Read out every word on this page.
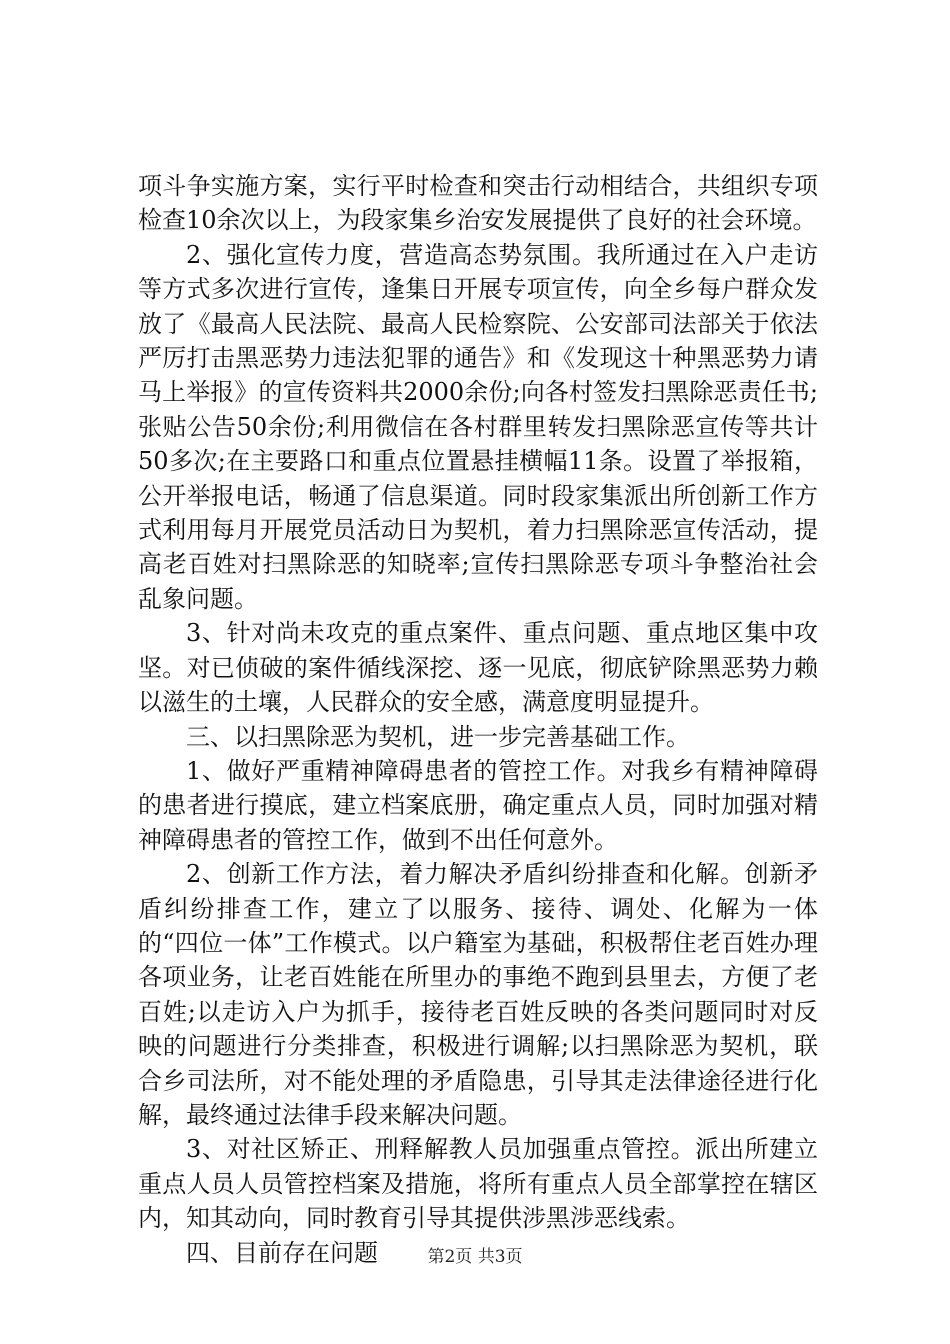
项斗争实施方案，实行平时检查和突击行动相结合，共组织专项检查10余次以上，为段家集乡治安发展提供了良好的社会环境。

2、强化宣传力度，营造高态势氛围。我所通过在入户走访等方式多次进行宣传，逢集日开展专项宣传，向全乡每户群众发放了《最高人民法院、最高人民检察院、公安部司法部关于依法严厉打击黑恶势力违法犯罪的通告》和《发现这十种黑恶势力请马上举报》的宣传资料共2000余份;向各村签发扫黑除恶责任书;张贴公告50余份;利用微信在各村群里转发扫黑除恶宣传等共计50多次;在主要路口和重点位置悬挂横幅11条。设置了举报箱，公开举报电话，畅通了信息渠道。同时段家集派出所创新工作方式利用每月开展党员活动日为契机，着力扫黑除恶宣传活动，提高老百姓对扫黑除恶的知晓率;宣传扫黑除恶专项斗争整治社会乱象问题。

3、针对尚未攻克的重点案件、重点问题、重点地区集中攻坚。对已侦破的案件循线深挖、逐一见底，彻底铲除黑恶势力赖以滋生的土壤，人民群众的安全感，满意度明显提升。

三、以扫黑除恶为契机，进一步完善基础工作。

1、做好严重精神障碍患者的管控工作。对我乡有精神障碍的患者进行摸底，建立档案底册，确定重点人员，同时加强对精神障碍患者的管控工作，做到不出任何意外。

2、创新工作方法，着力解决矛盾纠纷排查和化解。创新矛盾纠纷排查工作，建立了以服务、接待、调处、化解为一体的“四位一体”工作模式。以户籍室为基础，积极帮住老百姓办理各项业务，让老百姓能在所里办的事绝不跑到县里去，方便了老百姓;以走访入户为抓手，接待老百姓反映的各类问题同时对反映的问题进行分类排查，积极进行调解;以扫黑除恶为契机，联合乡司法所，对不能处理的矛盾隐患，引导其走法律途径进行化解，最终通过法律手段来解决问题。

3、对社区矫正、刑释解教人员加强重点管控。派出所建立重点人员人员管控档案及措施，将所有重点人员全部掌控在辖区内，知其动向，同时教育引导其提供涉黑涉恶线索。

四、目前存在问题	第2页 共3页
